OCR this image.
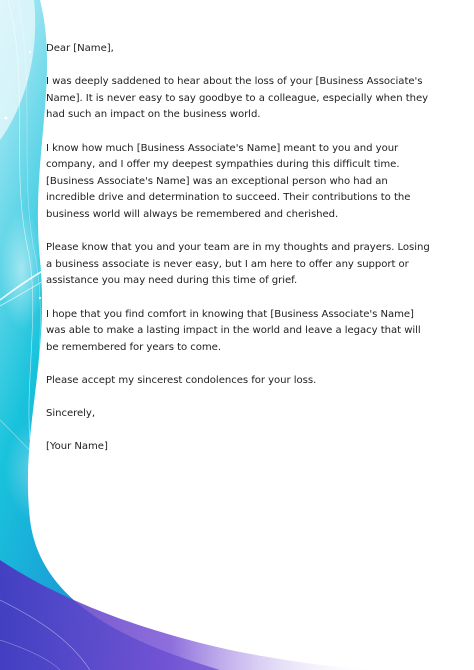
Dear [Name],

I was deeply saddened to hear about the loss of your [Business Associate's Name]. It is never easy to say goodbye to a colleague, especially when they had such an impact on the business world.

I know how much [Business Associate's Name] meant to you and your company, and I offer my deepest sympathies during this difficult time. [Business Associate's Name] was an exceptional person who had an incredible drive and determination to succeed. Their contributions to the business world will always be remembered and cherished.

Please know that you and your team are in my thoughts and prayers. Losing a business associate is never easy, but I am here to offer any support or assistance you may need during this time of grief.

I hope that you find comfort in knowing that [Business Associate's Name] was able to make a lasting impact in the world and leave a legacy that will be remembered for years to come.

Please accept my sincerest condolences for your loss.

Sincerely,

[Your Name]
